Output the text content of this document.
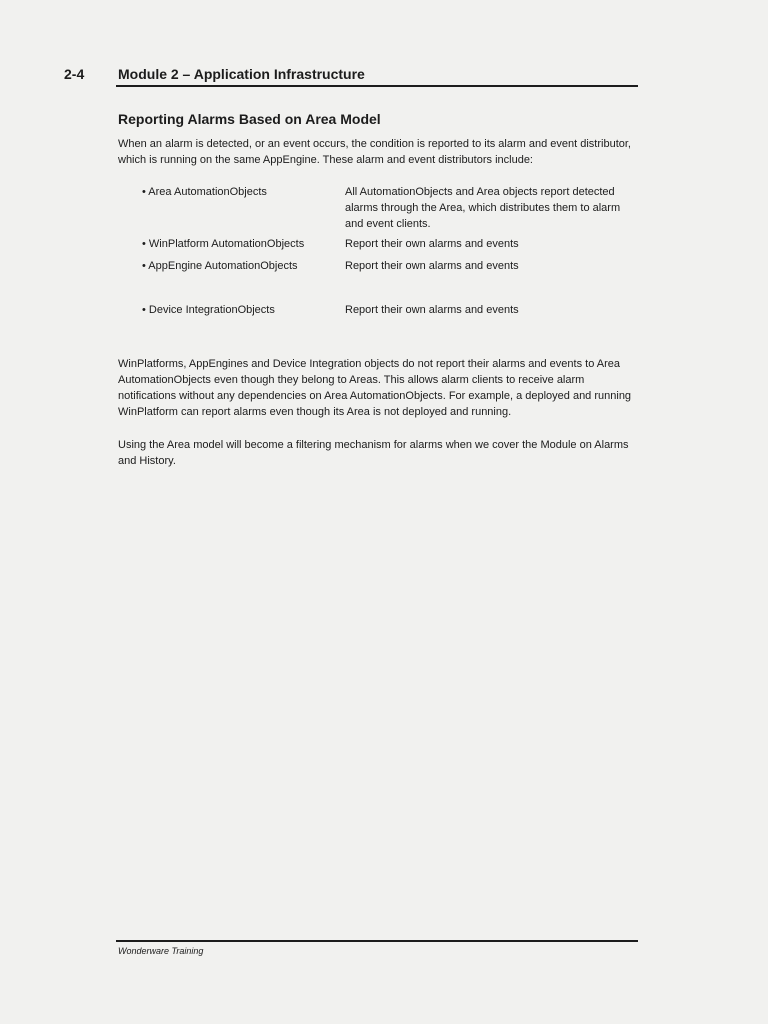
2-4 Module 2 – Application Infrastructure
Reporting Alarms Based on Area Model
When an alarm is detected, or an event occurs, the condition is reported to its alarm and event distributor, which is running on the same AppEngine. These alarm and event distributors include:
• Area AutomationObjects	All AutomationObjects and Area objects report detected alarms through the Area, which distributes them to alarm and event clients.
• WinPlatform AutomationObjects	Report their own alarms and events
• AppEngine AutomationObjects	Report their own alarms and events
• Device IntegrationObjects	Report their own alarms and events
WinPlatforms, AppEngines and Device Integration objects do not report their alarms and events to Area AutomationObjects even though they belong to Areas. This allows alarm clients to receive alarm notifications without any dependencies on Area AutomationObjects. For example, a deployed and running WinPlatform can report alarms even though its Area is not deployed and running.
Using the Area model will become a filtering mechanism for alarms when we cover the Module on Alarms and History.
Wonderware Training
